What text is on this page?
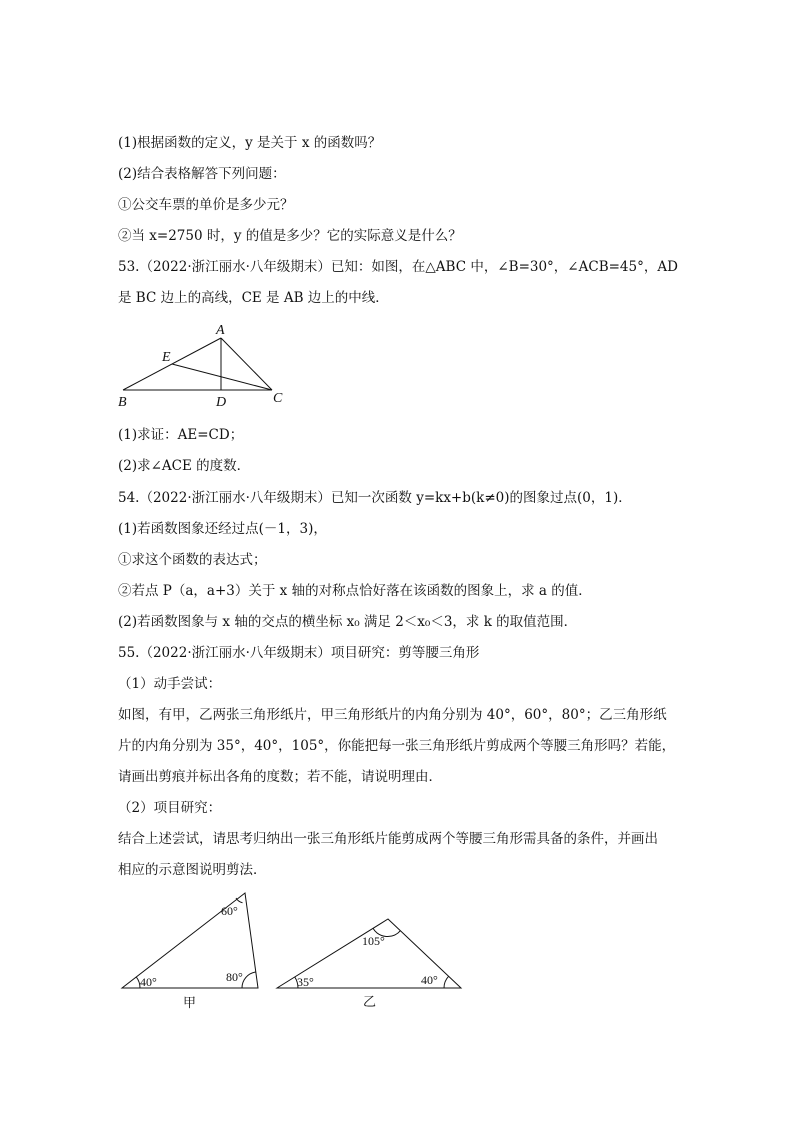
(1)根据函数的定义，y 是关于 x 的函数吗？

(2)结合表格解答下列问题：

①公交车票的单价是多少元？

②当 x=2750 时，y 的值是多少？它的实际意义是什么？

53.（2022·浙江丽水·八年级期末）已知：如图，在△ABC 中，∠B=30°，∠ACB=45°，AD

是 BC 边上的高线，CE 是 AB 边上的中线．

A
E
B	D	C

(1)求证：AE=CD；

(2)求∠ACE 的度数．

54.（2022·浙江丽水·八年级期末）已知一次函数 y=kx+b(k≠0)的图象过点(0，1)．

(1)若函数图象还经过点(－1，3)，

①求这个函数的表达式；

②若点 P（a，a+3）关于 x 轴的对称点恰好落在该函数的图象上，求 a 的值．

(2)若函数图象与 x 轴的交点的横坐标 x₀ 满足 2＜x₀＜3，求 k 的取值范围．

55.（2022·浙江丽水·八年级期末）项目研究：剪等腰三角形

（1）动手尝试：

如图，有甲，乙两张三角形纸片，甲三角形纸片的内角分别为 40°，60°，80°；乙三角形纸

片的内角分别为 35°，40°，105°，你能把每一张三角形纸片剪成两个等腰三角形吗？若能，

请画出剪痕并标出各角的度数；若不能，请说明理由．

（2）项目研究：

结合上述尝试，请思考归纳出一张三角形纸片能剪成两个等腰三角形需具备的条件，并画出

相应的示意图说明剪法．

60°
40°	80°
甲
105°
35°	40°
乙
